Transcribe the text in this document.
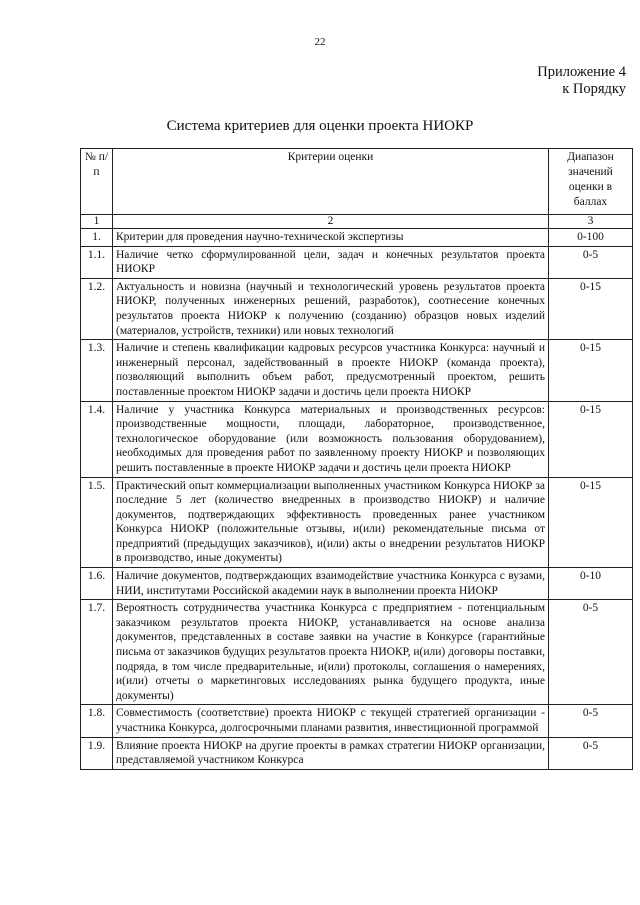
22
Приложение 4
к Порядку
Система критериев для оценки проекта НИОКР
№ п/п	Критерии оценки	Диапазон значений оценки в баллах
1	2	3
1.	Критерии для проведения научно-технической экспертизы	0-100
1.1.	Наличие четко сформулированной цели, задач и конечных результатов проекта НИОКР	0-5
1.2.	Актуальность и новизна (научный и технологический уровень результатов проекта НИОКР, полученных инженерных решений, разработок), соотнесение конечных результатов проекта НИОКР к получению (созданию) образцов новых изделий (материалов, устройств, техники) или новых технологий	0-15
1.3.	Наличие и степень квалификации кадровых ресурсов участника Конкурса: научный и инженерный персонал, задействованный в проекте НИОКР (команда проекта), позволяющий выполнить объем работ, предусмотренный проектом, решить поставленные проектом НИОКР задачи и достичь цели проекта НИОКР	0-15
1.4.	Наличие у участника Конкурса материальных и производственных ресурсов: производственные мощности, площади, лабораторное, производственное, технологическое оборудование (или возможность пользования оборудованием), необходимых для проведения работ по заявленному проекту НИОКР и позволяющих решить поставленные в проекте НИОКР задачи и достичь цели проекта НИОКР	0-15
1.5.	Практический опыт коммерциализации выполненных участником Конкурса НИОКР за последние 5 лет (количество внедренных в производство НИОКР) и наличие документов, подтверждающих эффективность проведенных ранее участником Конкурса НИОКР (положительные отзывы, и(или) рекомендательные письма от предприятий (предыдущих заказчиков), и(или) акты о внедрении результатов НИОКР в производство, иные документы)	0-15
1.6.	Наличие документов, подтверждающих взаимодействие участника Конкурса с вузами, НИИ, институтами Российской академии наук в выполнении проекта НИОКР	0-10
1.7.	Вероятность сотрудничества участника Конкурса с предприятием - потенциальным заказчиком результатов проекта НИОКР, устанавливается на основе анализа документов, представленных в составе заявки на участие в Конкурсе (гарантийные письма от заказчиков будущих результатов проекта НИОКР, и(или) договоры поставки, подряда, в том числе предварительные, и(или) протоколы, соглашения о намерениях, и(или) отчеты о маркетинговых исследованиях рынка будущего продукта, иные документы)	0-5
1.8.	Совместимость (соответствие) проекта НИОКР с текущей стратегией организации - участника Конкурса, долгосрочными планами развития, инвестиционной программой	0-5
1.9.	Влияние проекта НИОКР на другие проекты в рамках стратегии НИОКР организации, представляемой участником Конкурса	0-5
